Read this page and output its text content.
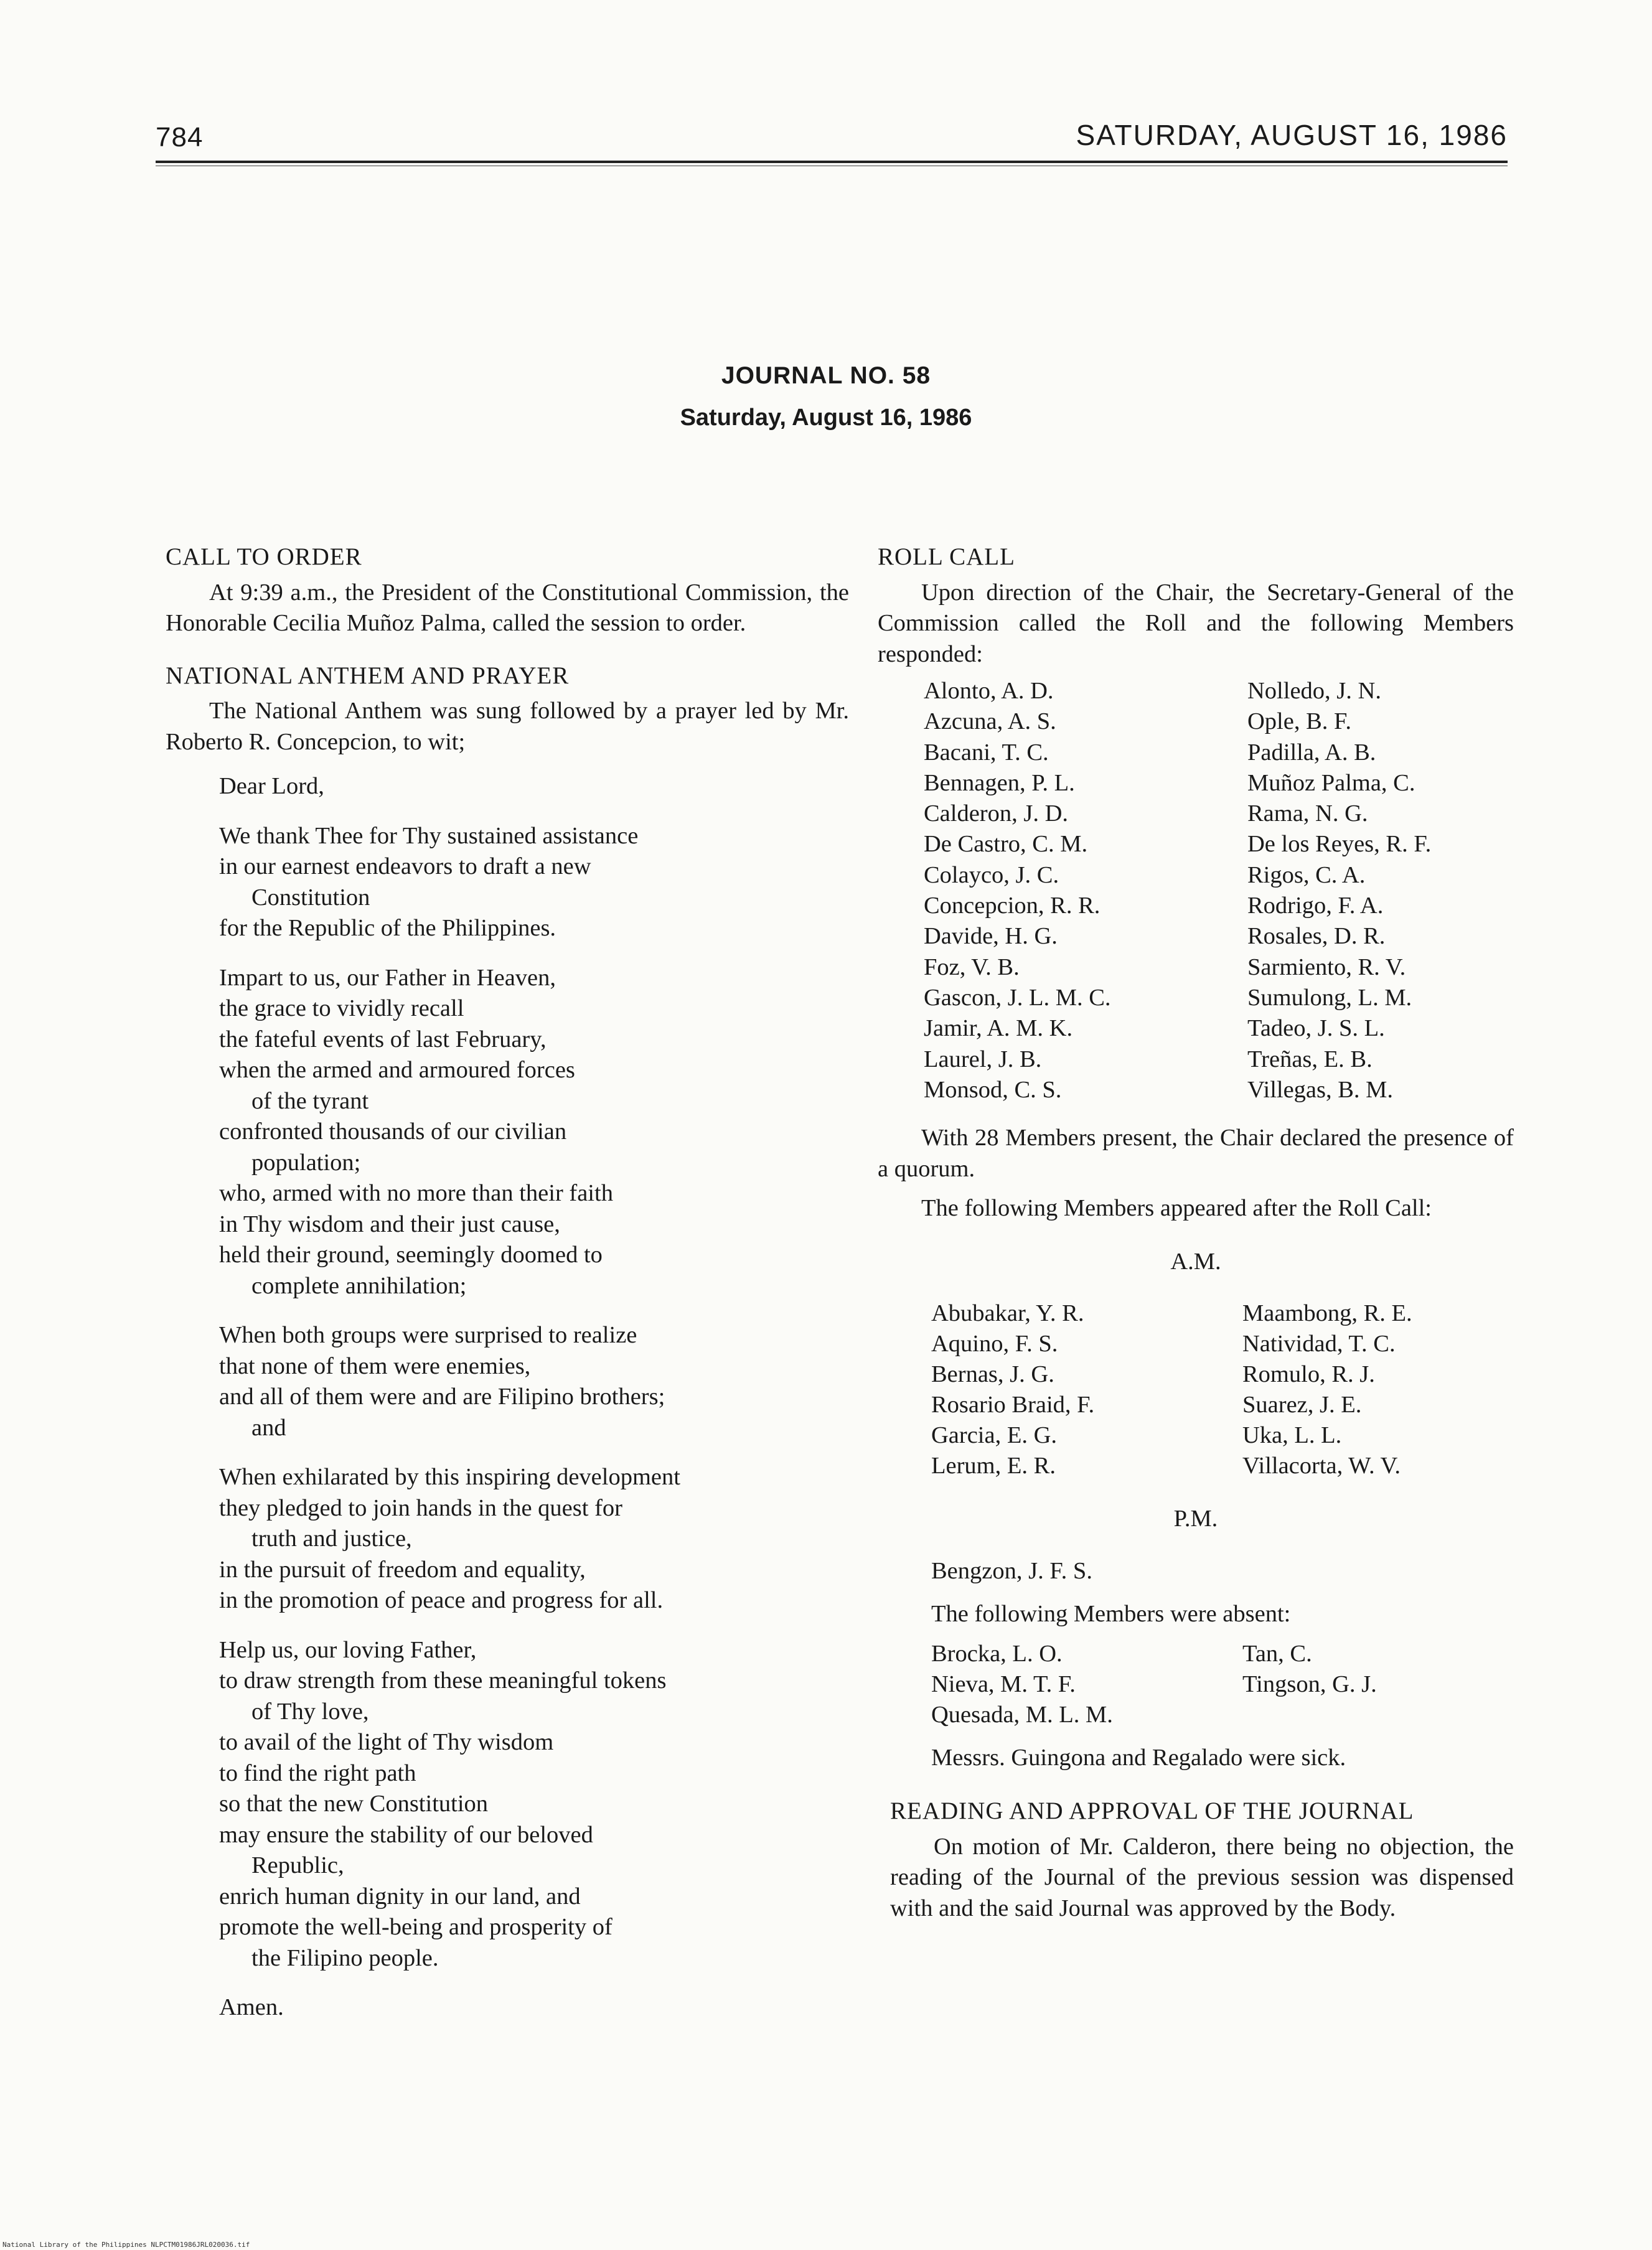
784	SATURDAY, AUGUST 16, 1986
JOURNAL NO. 58
Saturday, August 16, 1986
CALL TO ORDER

At 9:39 a.m., the President of the Constitutional Commission, the Honorable Cecilia Muñoz Palma, called the session to order.

NATIONAL ANTHEM AND PRAYER

The National Anthem was sung followed by a prayer led by Mr. Roberto R. Concepcion, to wit;

Dear Lord,
We thank Thee for Thy sustained assistance
in our earnest endeavors to draft a new
Constitution
for the Republic of the Philippines.
Impart to us, our Father in Heaven,
the grace to vividly recall
the fateful events of last February,
when the armed and armoured forces
of the tyrant
confronted thousands of our civilian
population;
who, armed with no more than their faith
in Thy wisdom and their just cause,
held their ground, seemingly doomed to
complete annihilation;
When both groups were surprised to realize
that none of them were enemies,
and all of them were and are Filipino brothers;
and
When exhilarated by this inspiring development
they pledged to join hands in the quest for
truth and justice,
in the pursuit of freedom and equality,
in the promotion of peace and progress for all.
Help us, our loving Father,
to draw strength from these meaningful tokens
of Thy love,
to avail of the light of Thy wisdom
to find the right path
so that the new Constitution
may ensure the stability of our beloved
Republic,
enrich human dignity in our land, and
promote the well-being and prosperity of
the Filipino people.
Amen.
ROLL CALL

Upon direction of the Chair, the Secretary-General of the Commission called the Roll and the following Members responded:

Alonto, A. D.	Nolledo, J. N.
Azcuna, A. S.	Ople, B. F.
Bacani, T. C.	Padilla, A. B.
Bennagen, P. L.	Muñoz Palma, C.
Calderon, J. D.	Rama, N. G.
De Castro, C. M.	De los Reyes, R. F.
Colayco, J. C.	Rigos, C. A.
Concepcion, R. R.	Rodrigo, F. A.
Davide, H. G.	Rosales, D. R.
Foz, V. B.	Sarmiento, R. V.
Gascon, J. L. M. C.	Sumulong, L. M.
Jamir, A. M. K.	Tadeo, J. S. L.
Laurel, J. B.	Treñas, E. B.
Monsod, C. S.	Villegas, B. M.

With 28 Members present, the Chair declared the presence of a quorum.

The following Members appeared after the Roll Call:

A.M.
Abubakar, Y. R.	Maambong, R. E.
Aquino, F. S.	Natividad, T. C.
Bernas, J. G.	Romulo, R. J.
Rosario Braid, F.	Suarez, J. E.
Garcia, E. G.	Uka, L. L.
Lerum, E. R.	Villacorta, W. V.
P.M.
Bengzon, J. F. S.
The following Members were absent:
Brocka, L. O.	Tan, C.
Nieva, M. T. F.	Tingson, G. J.
Quesada, M. L. M.
Messrs. Guingona and Regalado were sick.
READING AND APPROVAL OF THE JOURNAL

On motion of Mr. Calderon, there being no objection, the reading of the Journal of the previous session was dispensed with and the said Journal was approved by the Body.

National Library of the Philippines NLPCTM01986JRL020036.tif
